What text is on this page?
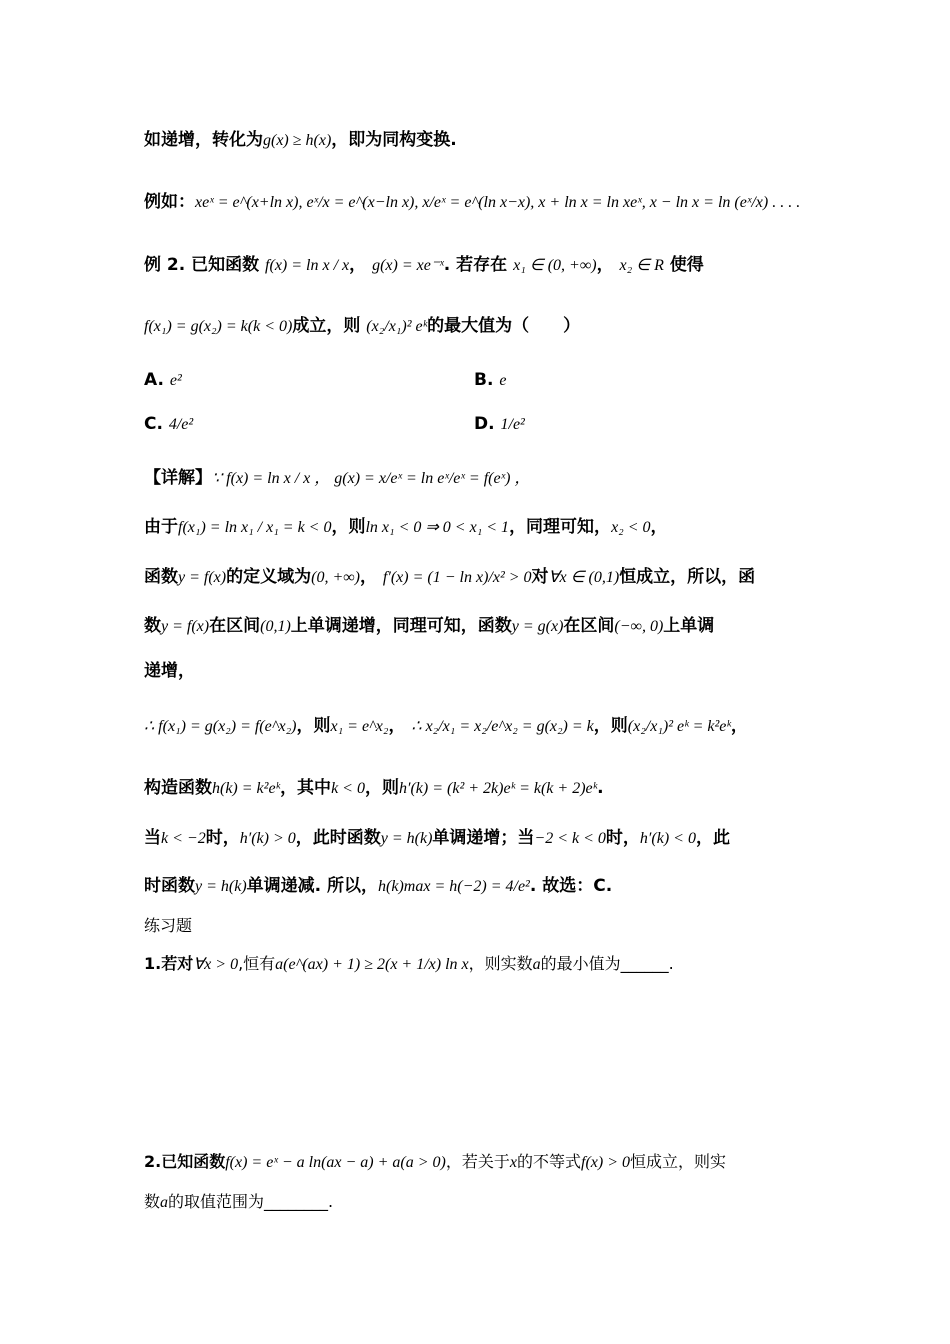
如递增，转化为g(x) ≥ h(x)，即为同构变换.
例如：xeˣ = e^(x+ln x), eˣ/x = e^(x−ln x), x/eˣ = e^(ln x−x), x + ln x = ln xeˣ, x − ln x = ln (eˣ/x) . . . .
例 2. 已知函数 f(x) = ln x / x， g(x) = xe⁻ˣ. 若存在 x₁ ∈ (0, +∞)， x₂ ∈ R 使得
f(x₁) = g(x₂) = k(k < 0)成立，则 (x₂/x₁)² eᵏ的最大值为（　　）
A. e²	B. e
C. 4/e²	D. 1/e²
【详解】∵ f(x) = ln x / x ， g(x) = x/eˣ = ln eˣ/eˣ = f(eˣ) ，
由于f(x₁) = ln x₁ / x₁ = k < 0，则ln x₁ < 0 ⇒ 0 < x₁ < 1，同理可知，x₂ < 0，
函数y = f(x)的定义域为(0, +∞)， f′(x) = (1 − ln x)/x² > 0对∀x ∈ (0,1)恒成立，所以，函
数y = f(x)在区间(0,1)上单调递增，同理可知，函数y = g(x)在区间(−∞, 0)上单调
递增，
∴ f(x₁) = g(x₂) = f(e^x₂)，则x₁ = e^x₂， ∴ x₂/x₁ = x₂/e^x₂ = g(x₂) = k，则(x₂/x₁)² eᵏ = k²eᵏ，
构造函数h(k) = k²eᵏ，其中k < 0，则h′(k) = (k² + 2k)eᵏ = k(k + 2)eᵏ.
当k < −2时，h′(k) > 0，此时函数y = h(k)单调递增；当−2 < k < 0时，h′(k) < 0，此
时函数y = h(k)单调递减. 所以，h(k)max = h(−2) = 4/e². 故选：C.
练习题
1.若对∀x > 0,恒有a(e^(ax) + 1) ≥ 2(x + 1/x) ln x，则实数a的最小值为______.
2.已知函数f(x) = eˣ − a ln(ax − a) + a(a > 0)，若关于x的不等式f(x) > 0恒成立，则实
数a的取值范围为________.
